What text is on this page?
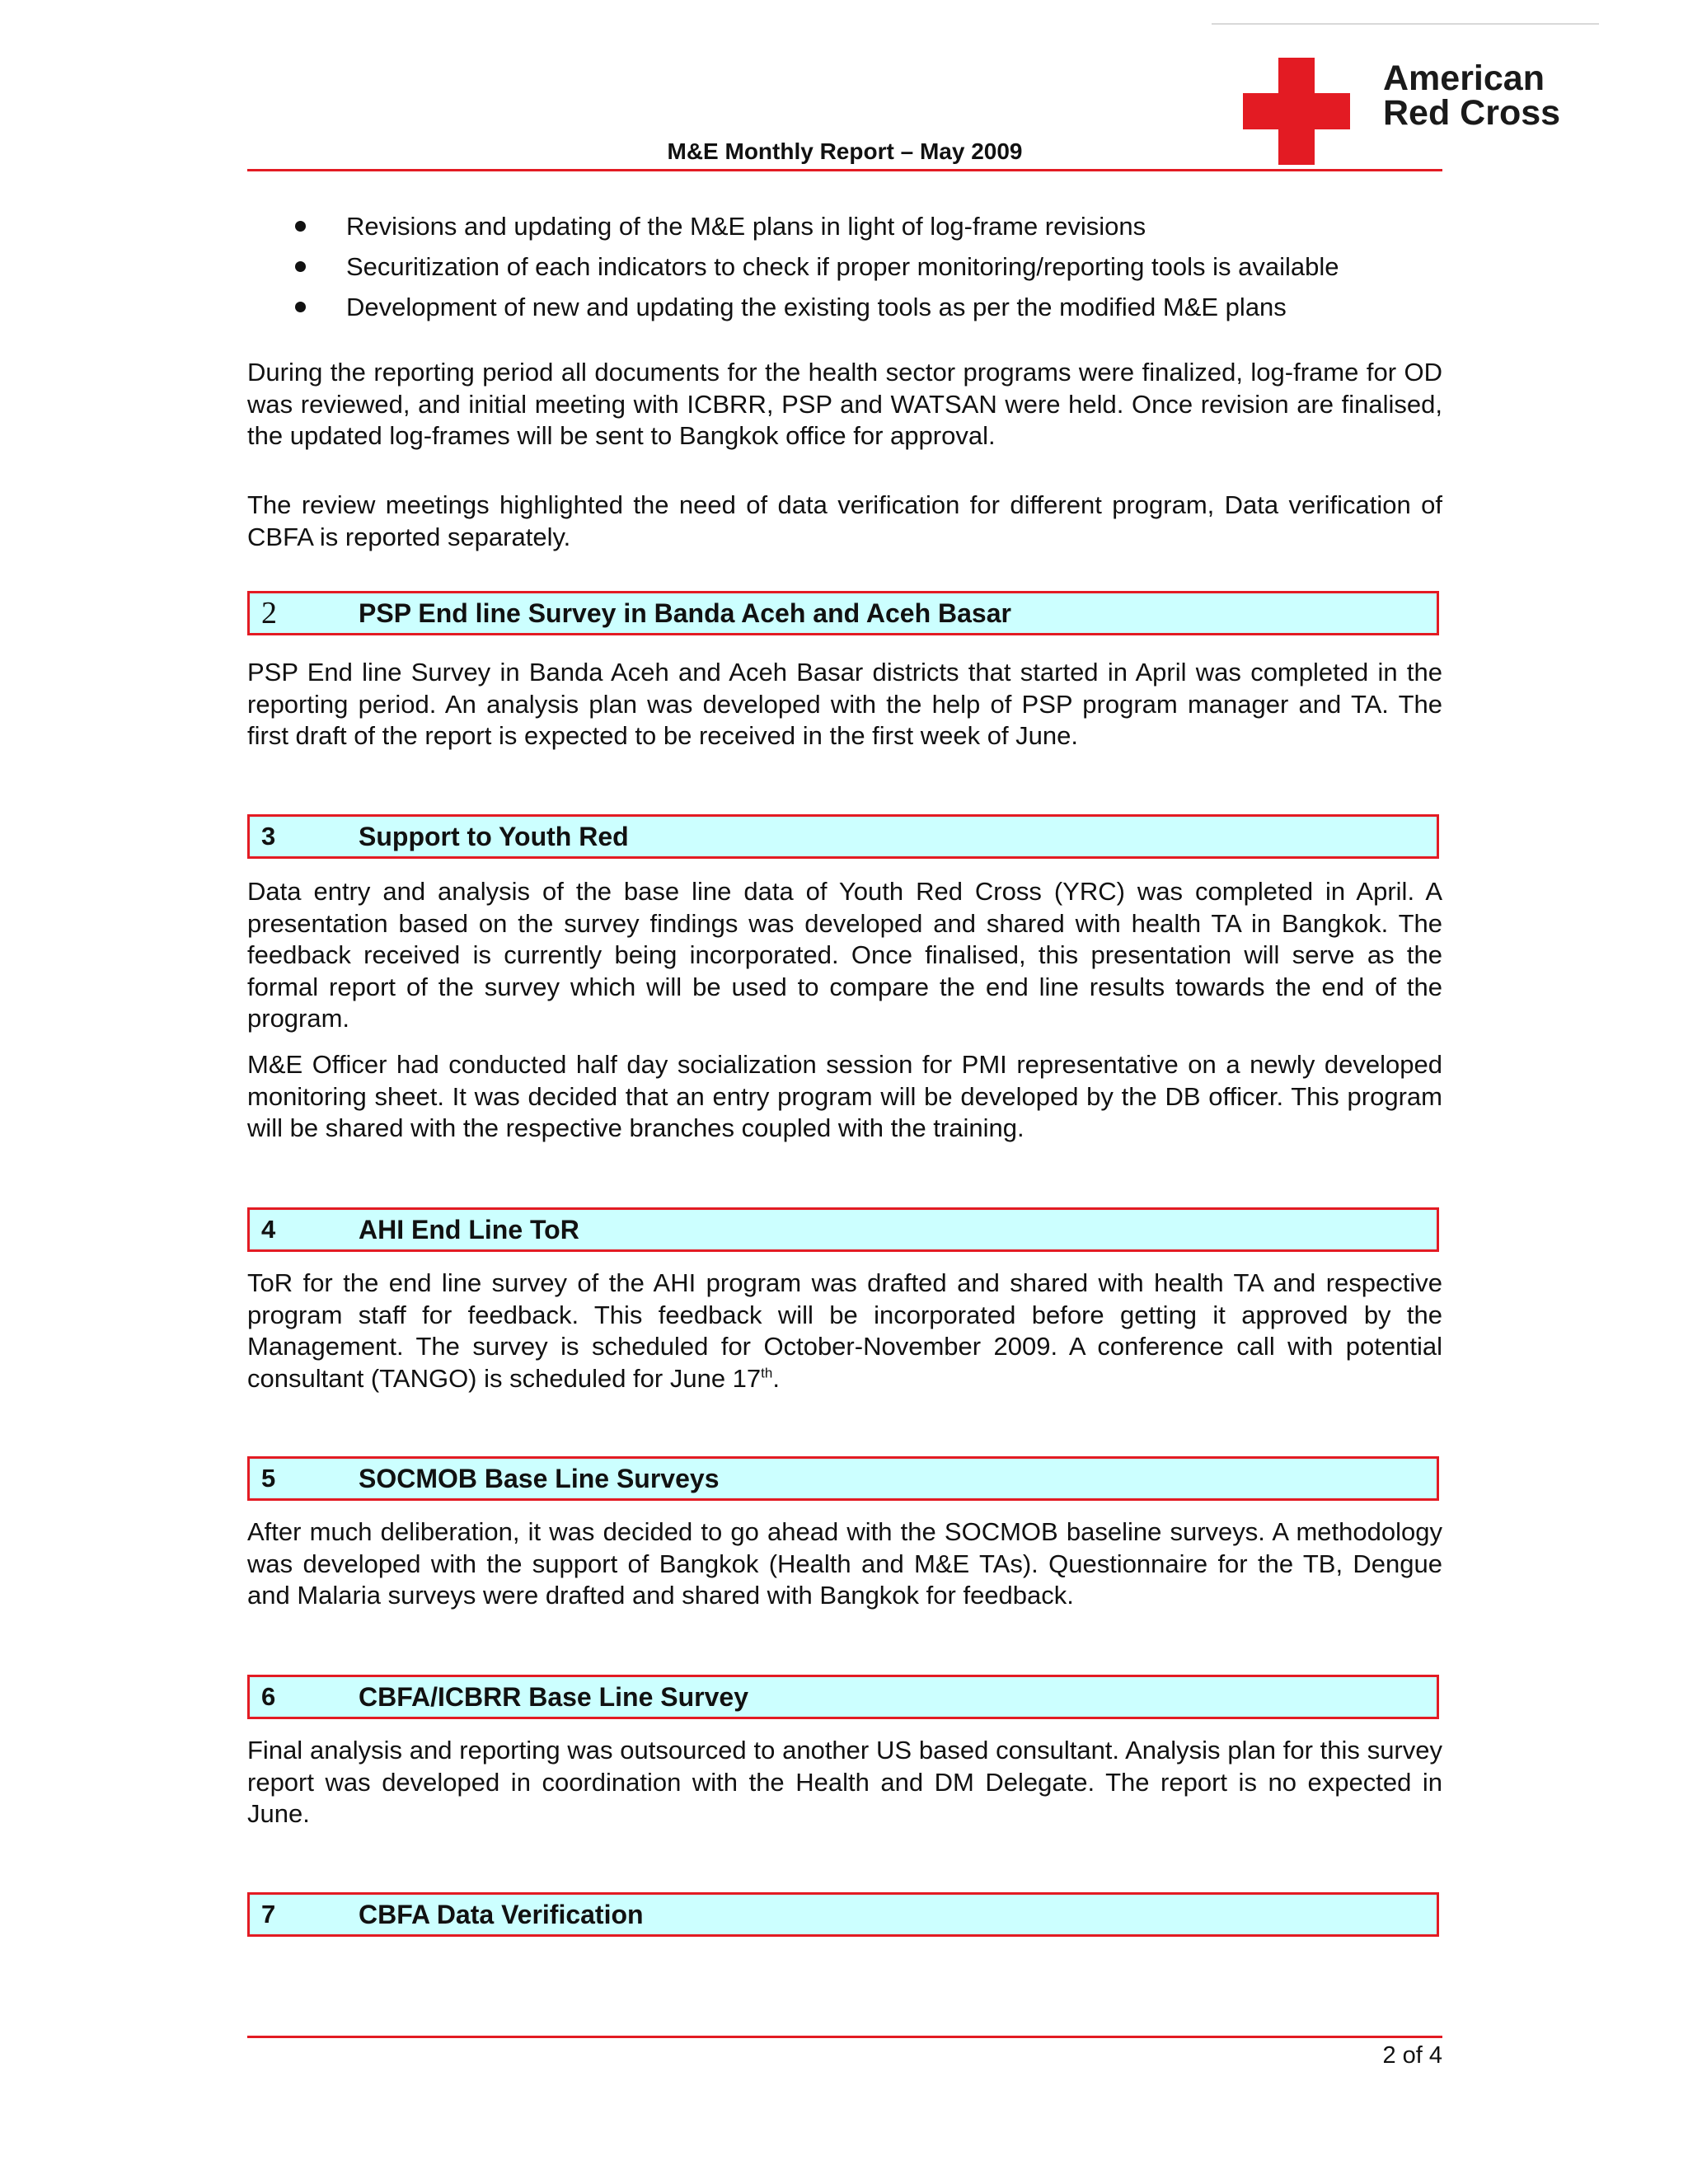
American
Red Cross
M&E Monthly Report – May 2009
Revisions and updating of the M&E plans in light of log-frame revisions
Securitization of each indicators to check if proper monitoring/reporting tools is available
Development of new and updating the existing tools as per the modified M&E plans

During the reporting period all documents for the health sector programs were finalized, log-frame for OD was reviewed, and initial meeting with ICBRR, PSP and WATSAN were held. Once revision are finalised, the updated log-frames will be sent to Bangkok office for approval.

The review meetings highlighted the need of data verification for different program, Data verification of CBFA is reported separately.

2	PSP End line Survey in Banda Aceh and Aceh Basar

PSP End line Survey in Banda Aceh and Aceh Basar districts that started in April was completed in the reporting period. An analysis plan was developed with the help of PSP program manager and TA. The first draft of the report is expected to be received in the first week of June.

3	Support to Youth Red

Data entry and analysis of the base line data of Youth Red Cross (YRC) was completed in April. A presentation based on the survey findings was developed and shared with health TA in Bangkok. The feedback received is currently being incorporated. Once finalised, this presentation will serve as the formal report of the survey which will be used to compare the end line results towards the end of the program.

M&E Officer had conducted half day socialization session for PMI representative on a newly developed monitoring sheet. It was decided that an entry program will be developed by the DB officer. This program will be shared with the respective branches coupled with the training.

4	AHI End Line ToR

ToR for the end line survey of the AHI program was drafted and shared with health TA and respective program staff for feedback. This feedback will be incorporated before getting it approved by the Management. The survey is scheduled for October-November 2009. A conference call with potential consultant (TANGO) is scheduled for June 17th.

5	SOCMOB Base Line Surveys

After much deliberation, it was decided to go ahead with the SOCMOB baseline surveys. A methodology was developed with the support of Bangkok (Health and M&E TAs). Questionnaire for the TB, Dengue and Malaria surveys were drafted and shared with Bangkok for feedback.

6	CBFA/ICBRR Base Line Survey

Final analysis and reporting was outsourced to another US based consultant. Analysis plan for this survey report was developed in coordination with the Health and DM Delegate. The report is no expected in June.

7	CBFA Data Verification
2 of 4
